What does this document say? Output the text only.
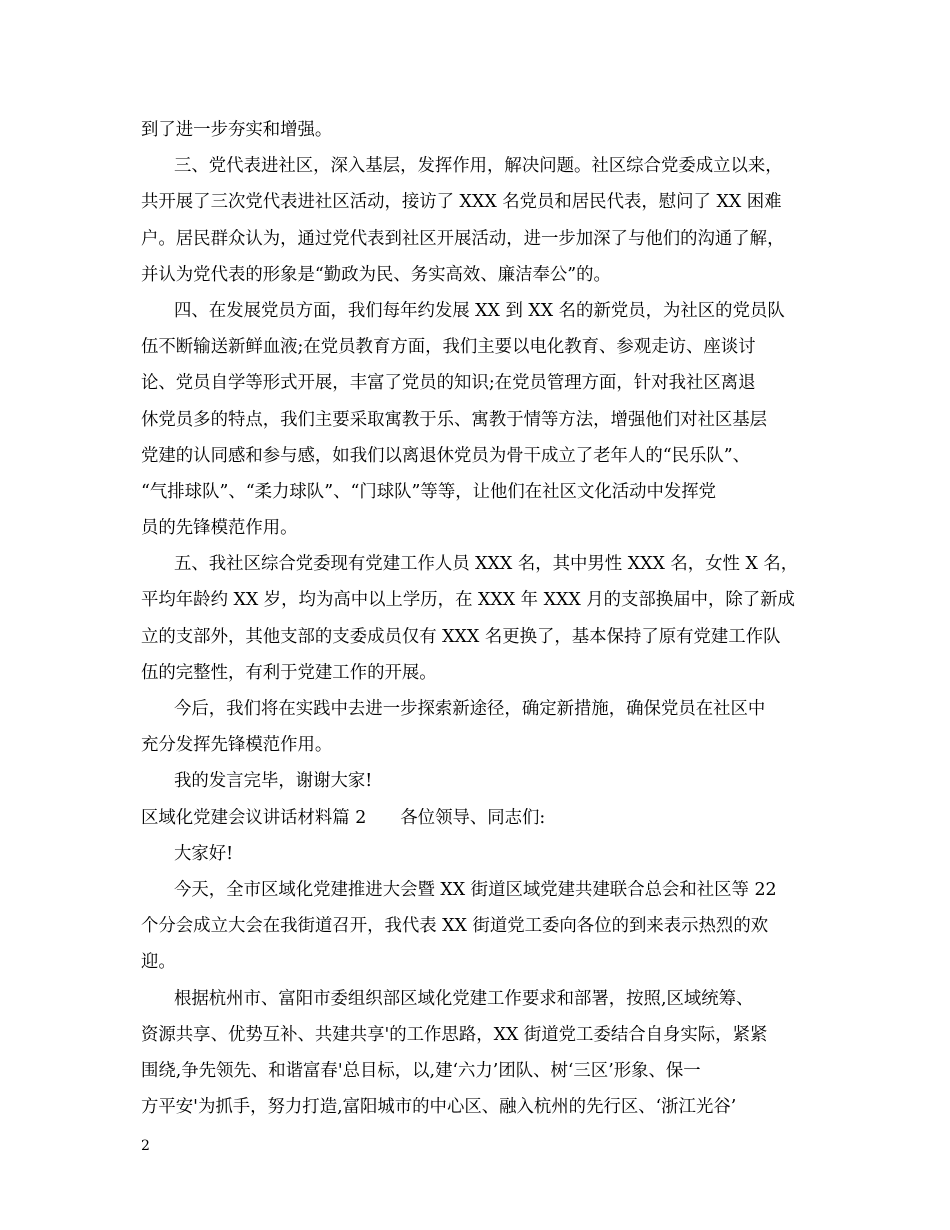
到了进一步夯实和增强。
三、党代表进社区，深入基层，发挥作用，解决问题。社区综合党委成立以来，
共开展了三次党代表进社区活动，接访了 XXX 名党员和居民代表，慰问了 XX 困难
户。居民群众认为，通过党代表到社区开展活动，进一步加深了与他们的沟通了解，
并认为党代表的形象是“勤政为民、务实高效、廉洁奉公”的。
四、在发展党员方面，我们每年约发展 XX 到 XX 名的新党员，为社区的党员队
伍不断输送新鲜血液;在党员教育方面，我们主要以电化教育、参观走访、座谈讨
论、党员自学等形式开展，丰富了党员的知识;在党员管理方面，针对我社区离退
休党员多的特点，我们主要采取寓教于乐、寓教于情等方法，增强他们对社区基层
党建的认同感和参与感，如我们以离退休党员为骨干成立了老年人的“民乐队”、
“气排球队”、“柔力球队”、“门球队”等等，让他们在社区文化活动中发挥党
员的先锋模范作用。
五、我社区综合党委现有党建工作人员 XXX 名，其中男性 XXX 名，女性 X 名，
平均年龄约 XX 岁，均为高中以上学历，在 XXX 年 XXX 月的支部换届中，除了新成
立的支部外，其他支部的支委成员仅有 XXX 名更换了，基本保持了原有党建工作队
伍的完整性，有利于党建工作的开展。
今后，我们将在实践中去进一步探索新途径，确定新措施，确保党员在社区中
充分发挥先锋模范作用。
我的发言完毕，谢谢大家!
区域化党建会议讲话材料篇 2 各位领导、同志们:
大家好!
今天，全市区域化党建推进大会暨 XX 街道区域党建共建联合总会和社区等 22
个分会成立大会在我街道召开，我代表 XX 街道党工委向各位的到来表示热烈的欢
迎。
根据杭州市、富阳市委组织部区域化党建工作要求和部署，按照,区域统筹、
资源共享、优势互补、共建共享'的工作思路，XX 街道党工委结合自身实际，紧紧
围绕,争先领先、和谐富春'总目标，以,建‘六力’团队、树‘三区’形象、保一
方平安'为抓手，努力打造,富阳城市的中心区、融入杭州的先行区、‘浙江光谷’
2
